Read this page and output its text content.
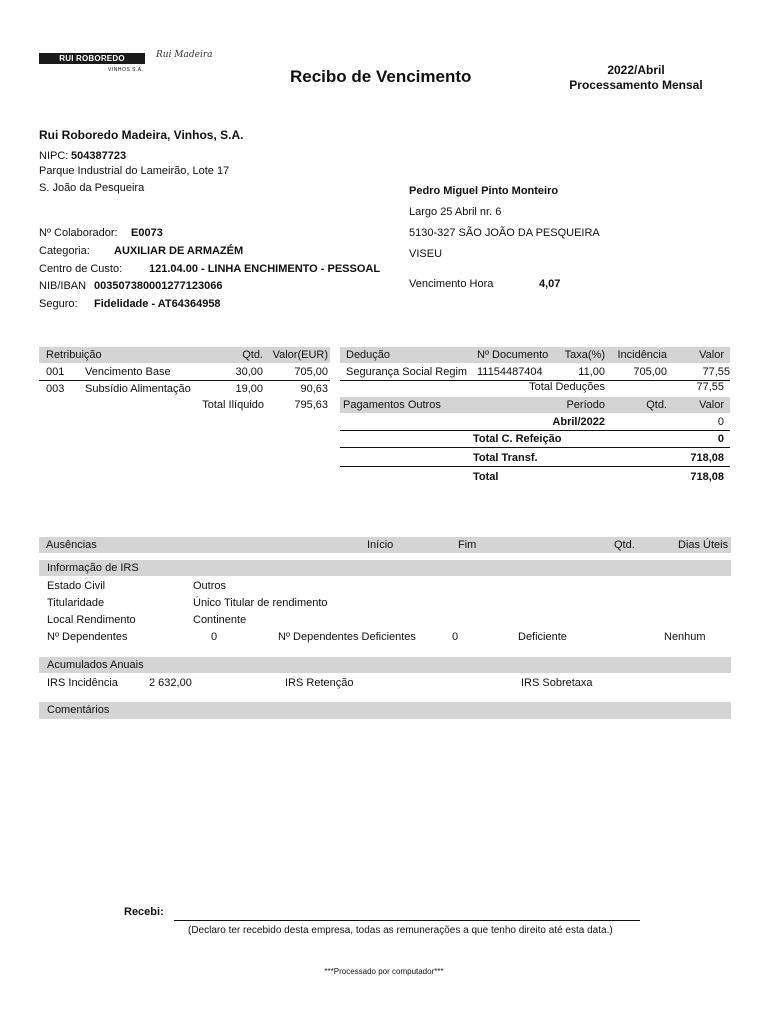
RUI ROBOREDO MADEIRA
VINHOS S.A.
Rui Madeira
Recibo de Vencimento	2022/Abril
Processamento Mensal
Rui Roboredo Madeira, Vinhos, S.A.
NIPC: 504387723
Parque Industrial do Lameirão, Lote 17
S. João da Pesqueira	Pedro Miguel Pinto Monteiro
Largo 25 Abril nr. 6
5130-327 SÃO JOÃO DA PESQUEIRA
VISEU
Vencimento Hora	4,07
Nº Colaborador: E0073
Categoria: AUXILIAR DE ARMAZÉM
Centro de Custo: 121.04.00 - LINHA ENCHIMENTO - PESSOAL
NIB/IBAN 003507380001277123066
Seguro: Fidelidade - AT64364958
Retribuição	Qtd. Valor(EUR)
001 Vencimento Base	30,00	705,00
003 Subsídio Alimentação	19,00	90,63
Total Ilíquido	795,63
Dedução	Nº Documento	Taxa(%)	Incidência	Valor
Segurança Social Regim 11154487404	11,00	705,00	77,55
Total Deduções	77,55
Pagamentos Outros	Período	Qtd.	Valor
Abril/2022	0
Total C. Refeição	0
Total Transf.	718,08
Total	718,08
Ausências	Início	Fim	Qtd.	Dias Úteis
Informação de IRS
Estado Civil	Outros
Titularidade	Único Titular de rendimento
Local Rendimento	Continente
Nº Dependentes	0	Nº Dependentes Deficientes	0	Deficiente	Nenhum
Acumulados Anuais
IRS Incidência	2 632,00	IRS Retenção	IRS Sobretaxa
Comentários
Recebi:
(Declaro ter recebido desta empresa, todas as remunerações a que tenho direito até esta data.)
***Processado por computador***
